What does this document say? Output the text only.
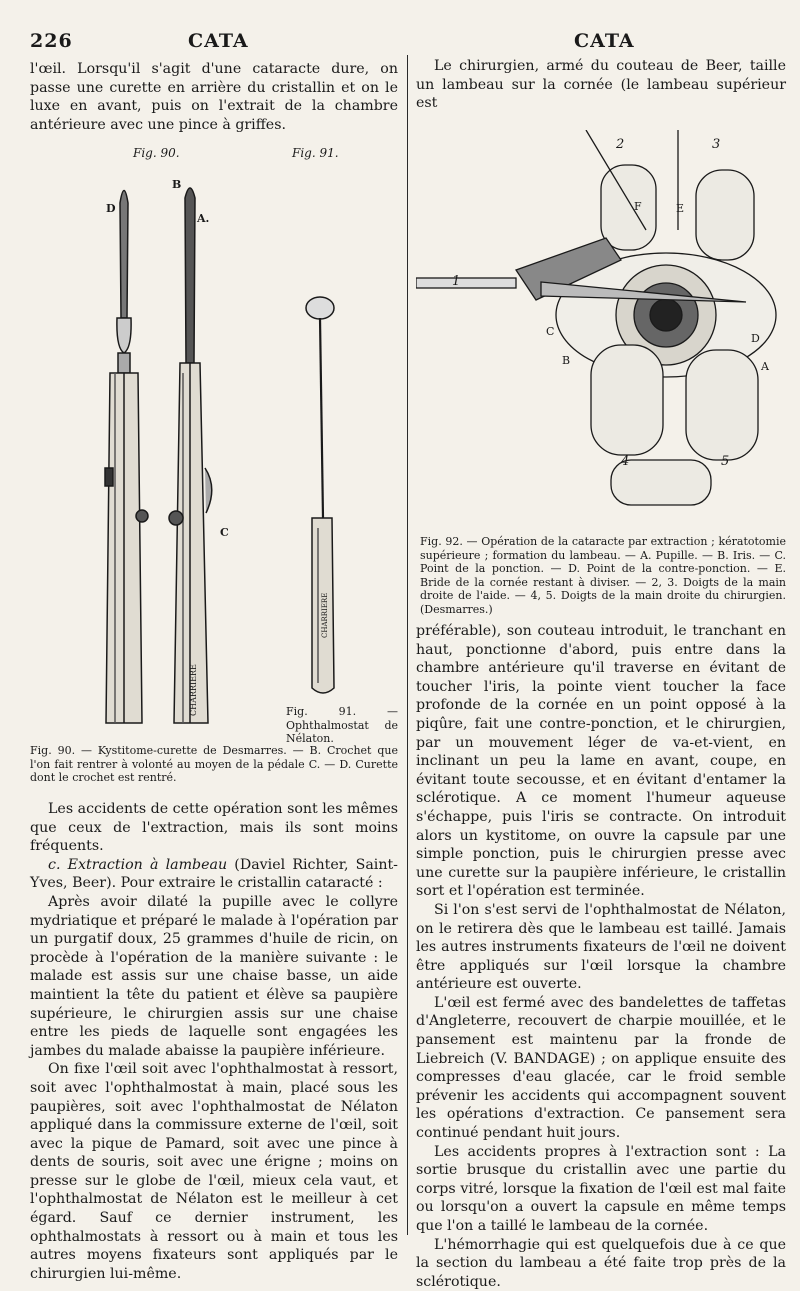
226	CATA	CATA

l'œil. Lorsqu'il s'agit d'une cataracte dure, on passe une curette en arrière du cristallin et on le luxe en avant, puis on l'extrait de la chambre antérieure avec une pince à griffes.

Fig. 90.	Fig. 91.
D
B
A.
C
CHARRIERE
CHARRIERE
Fig. 91. — Ophthalmostat de Nélaton.
Fig. 90. — Kystitome-curette de Desmarres. — B. Crochet que l'on fait rentrer à volonté au moyen de la pédale C. — D. Curette dont le crochet est rentré.

Les accidents de cette opération sont les mêmes que ceux de l'extraction, mais ils sont moins fréquents.

c. Extraction à lambeau (Daviel Richter, Saint-Yves, Beer). Pour extraire le cristallin cataracté :

Après avoir dilaté la pupille avec le collyre mydriatique et préparé le malade à l'opération par un purgatif doux, 25 grammes d'huile de ricin, on procède à l'opération de la manière suivante : le malade est assis sur une chaise basse, un aide maintient la tête du patient et élève sa paupière supérieure, le chirurgien assis sur une chaise entre les pieds de laquelle sont engagées les jambes du malade abaisse la paupière inférieure.

On fixe l'œil soit avec l'ophthalmostat à ressort, soit avec l'ophthalmostat à main, placé sous les paupières, soit avec l'ophthalmostat de Nélaton appliqué dans la commissure externe de l'œil, soit avec la pique de Pamard, soit avec une pince à dents de souris, soit avec une érigne ; moins on presse sur le globe de l'œil, mieux cela vaut, et l'ophthalmostat de Nélaton est le meilleur à cet égard. Sauf ce dernier instrument, les ophthalmostats à ressort ou à main et tous les autres moyens fixateurs sont appliqués par le chirurgien lui-même.

Le chirurgien, armé du couteau de Beer, taille un lambeau sur la cornée (le lambeau supérieur est

2	3
F	E
1
C
B
D
A
4	5
Fig. 92. — Opération de la cataracte par extraction ; kératotomie supérieure ; formation du lambeau. — A. Pupille. — B. Iris. — C. Point de la ponction. — D. Point de la contre-ponction. — E. Bride de la cornée restant à diviser. — 2, 3. Doigts de la main droite de l'aide. — 4, 5. Doigts de la main droite du chirurgien. (Desmarres.)

préférable), son couteau introduit, le tranchant en haut, ponctionne d'abord, puis entre dans la chambre antérieure qu'il traverse en évitant de toucher l'iris, la pointe vient toucher la face profonde de la cornée en un point opposé à la piqûre, fait une contre-ponction, et le chirurgien, par un mouvement léger de va-et-vient, en inclinant un peu la lame en avant, coupe, en évitant toute secousse, et en évitant d'entamer la sclérotique. A ce moment l'humeur aqueuse s'échappe, puis l'iris se contracte. On introduit alors un kystitome, on ouvre la capsule par une simple ponction, puis le chirurgien presse avec une curette sur la paupière inférieure, le cristallin sort et l'opération est terminée.

Si l'on s'est servi de l'ophthalmostat de Nélaton, on le retirera dès que le lambeau est taillé. Jamais les autres instruments fixateurs de l'œil ne doivent être appliqués sur l'œil lorsque la chambre antérieure est ouverte.

L'œil est fermé avec des bandelettes de taffetas d'Angleterre, recouvert de charpie mouillée, et le pansement est maintenu par la fronde de Liebreich (V. BANDAGE) ; on applique ensuite des compresses d'eau glacée, car le froid semble prévenir les accidents qui accompagnent souvent les opérations d'extraction. Ce pansement sera continué pendant huit jours.

Les accidents propres à l'extraction sont : La sortie brusque du cristallin avec une partie du corps vitré, lorsque la fixation de l'œil est mal faite ou lorsqu'on a ouvert la capsule en même temps que l'on a taillé le lambeau de la cornée.

L'hémorrhagie qui est quelquefois due à ce que la section du lambeau a été faite trop près de la sclérotique.
